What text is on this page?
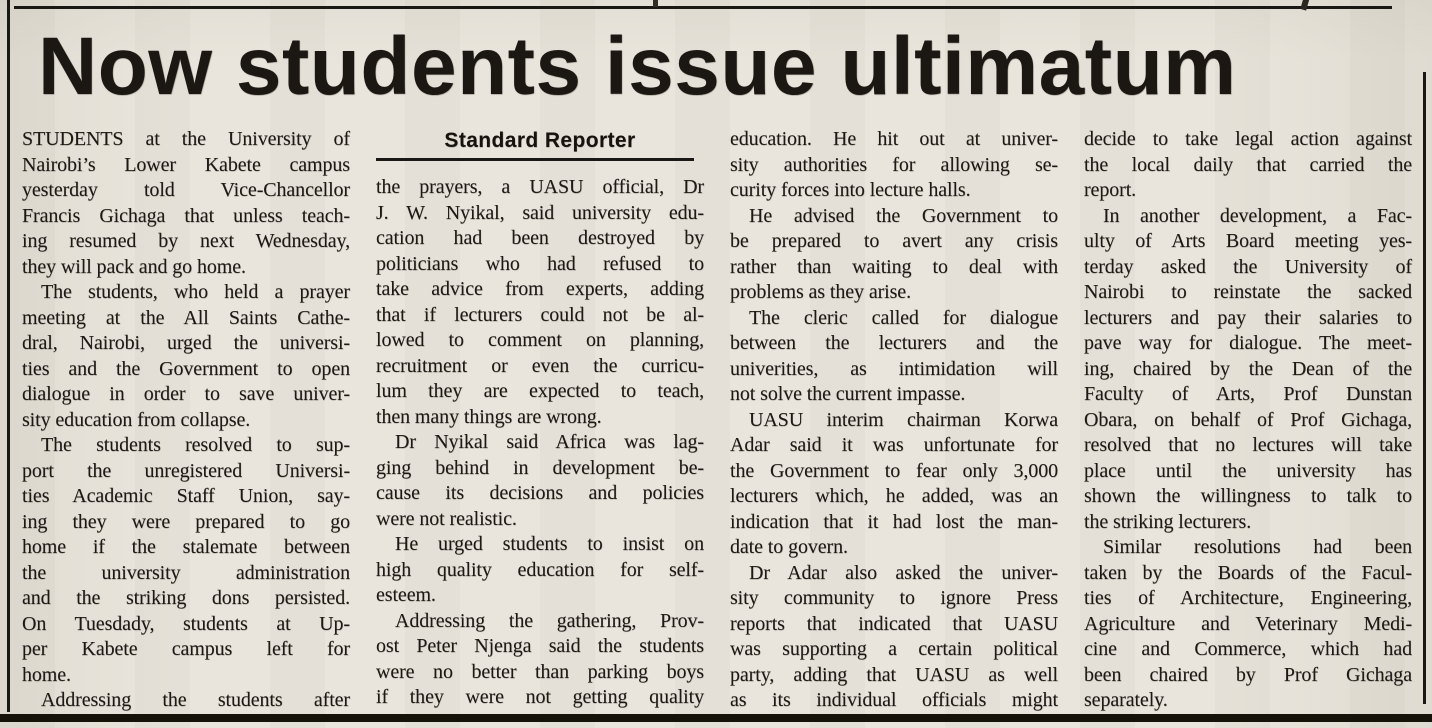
Now students issue ultimatum
STUDENTS at the University of
Nairobi’s Lower Kabete campus
yesterday told Vice-Chancellor
Francis Gichaga that unless teach-
ing resumed by next Wednesday,
they will pack and go home.
The students, who held a prayer
meeting at the All Saints Cathe-
dral, Nairobi, urged the universi-
ties and the Government to open
dialogue in order to save univer-
sity education from collapse.
The students resolved to sup-
port the unregistered Universi-
ties Academic Staff Union, say-
ing they were prepared to go
home if the stalemate between
the university administration
and the striking dons persisted.
On Tuesdady, students at Up-
per Kabete campus left for
home.
Addressing the students after
Standard Reporter
the prayers, a UASU official, Dr
J. W. Nyikal, said university edu-
cation had been destroyed by
politicians who had refused to
take advice from experts, adding
that if lecturers could not be al-
lowed to comment on planning,
recruitment or even the curricu-
lum they are expected to teach,
then many things are wrong.
Dr Nyikal said Africa was lag-
ging behind in development be-
cause its decisions and policies
were not realistic.
He urged students to insist on
high quality education for self-
esteem.
Addressing the gathering, Prov-
ost Peter Njenga said the students
were no better than parking boys
if they were not getting quality
education. He hit out at univer-
sity authorities for allowing se-
curity forces into lecture halls.
He advised the Government to
be prepared to avert any crisis
rather than waiting to deal with
problems as they arise.
The cleric called for dialogue
between the lecturers and the
univerities, as intimidation will
not solve the current impasse.
UASU interim chairman Korwa
Adar said it was unfortunate for
the Government to fear only 3,000
lecturers which, he added, was an
indication that it had lost the man-
date to govern.
Dr Adar also asked the univer-
sity community to ignore Press
reports that indicated that UASU
was supporting a certain political
party, adding that UASU as well
as its individual officials might
decide to take legal action against
the local daily that carried the
report.
In another development, a Fac-
ulty of Arts Board meeting yes-
terday asked the University of
Nairobi to reinstate the sacked
lecturers and pay their salaries to
pave way for dialogue. The meet-
ing, chaired by the Dean of the
Faculty of Arts, Prof Dunstan
Obara, on behalf of Prof Gichaga,
resolved that no lectures will take
place until the university has
shown the willingness to talk to
the striking lecturers.
Similar resolutions had been
taken by the Boards of the Facul-
ties of Architecture, Engineering,
Agriculture and Veterinary Medi-
cine and Commerce, which had
been chaired by Prof Gichaga
separately.
